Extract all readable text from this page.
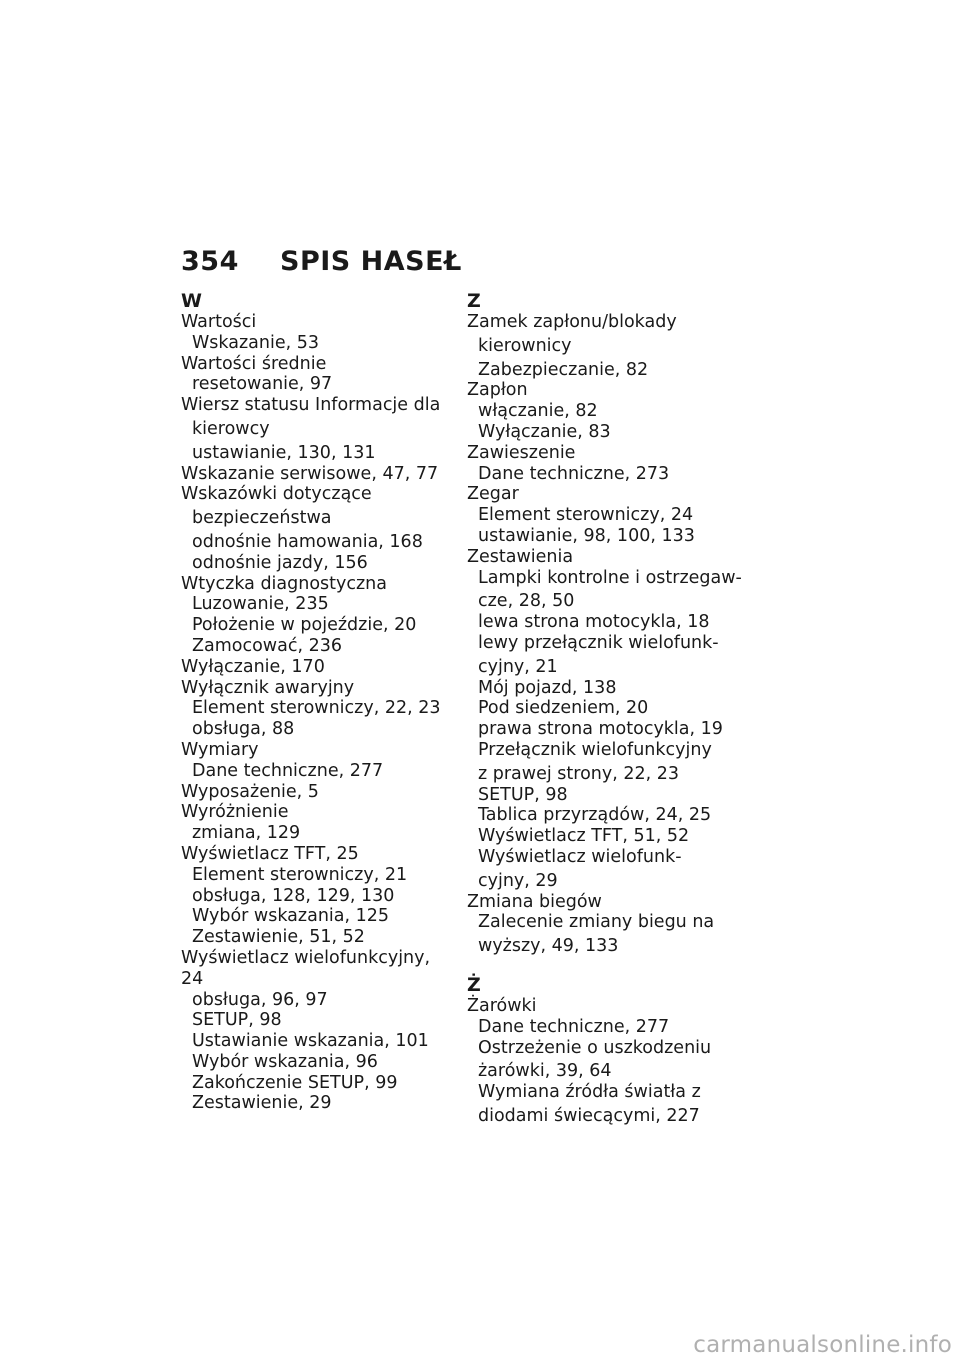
354 SPIS HASEŁ
W
Wartości
Wskazanie, 53
Wartości średnie
resetowanie, 97
Wiersz statusu Informacje dla
kierowcy
ustawianie, 130, 131
Wskazanie serwisowe, 47, 77
Wskazówki dotyczące
bezpieczeństwa
odnośnie hamowania, 168
odnośnie jazdy, 156
Wtyczka diagnostyczna
Luzowanie, 235
Położenie w pojeździe, 20
Zamocować, 236
Wyłączanie, 170
Wyłącznik awaryjny
Element sterowniczy, 22, 23
obsługa, 88
Wymiary
Dane techniczne, 277
Wyposażenie, 5
Wyróżnienie
zmiana, 129
Wyświetlacz TFT, 25
Element sterowniczy, 21
obsługa, 128, 129, 130
Wybór wskazania, 125
Zestawienie, 51, 52
Wyświetlacz wielofunkcyjny, 24
obsługa, 96, 97
SETUP, 98
Ustawianie wskazania, 101
Wybór wskazania, 96
Zakończenie SETUP, 99
Zestawienie, 29
Z
Zamek zapłonu/blokady
kierownicy
Zabezpieczanie, 82
Zapłon
włączanie, 82
Wyłączanie, 83
Zawieszenie
Dane techniczne, 273
Zegar
Element sterowniczy, 24
ustawianie, 98, 100, 133
Zestawienia
Lampki kontrolne i ostrzegaw-
cze, 28, 50
lewa strona motocykla, 18
lewy przełącznik wielofunk-
cyjny, 21
Mój pojazd, 138
Pod siedzeniem, 20
prawa strona motocykla, 19
Przełącznik wielofunkcyjny
z prawej strony, 22, 23
SETUP, 98
Tablica przyrządów, 24, 25
Wyświetlacz TFT, 51, 52
Wyświetlacz wielofunk-
cyjny, 29
Zmiana biegów
Zalecenie zmiany biegu na
wyższy, 49, 133
Ż
Żarówki
Dane techniczne, 277
Ostrzeżenie o uszkodzeniu
żarówki, 39, 64
Wymiana źródła światła z
diodami świecącymi, 227
carmanualsonline.info
